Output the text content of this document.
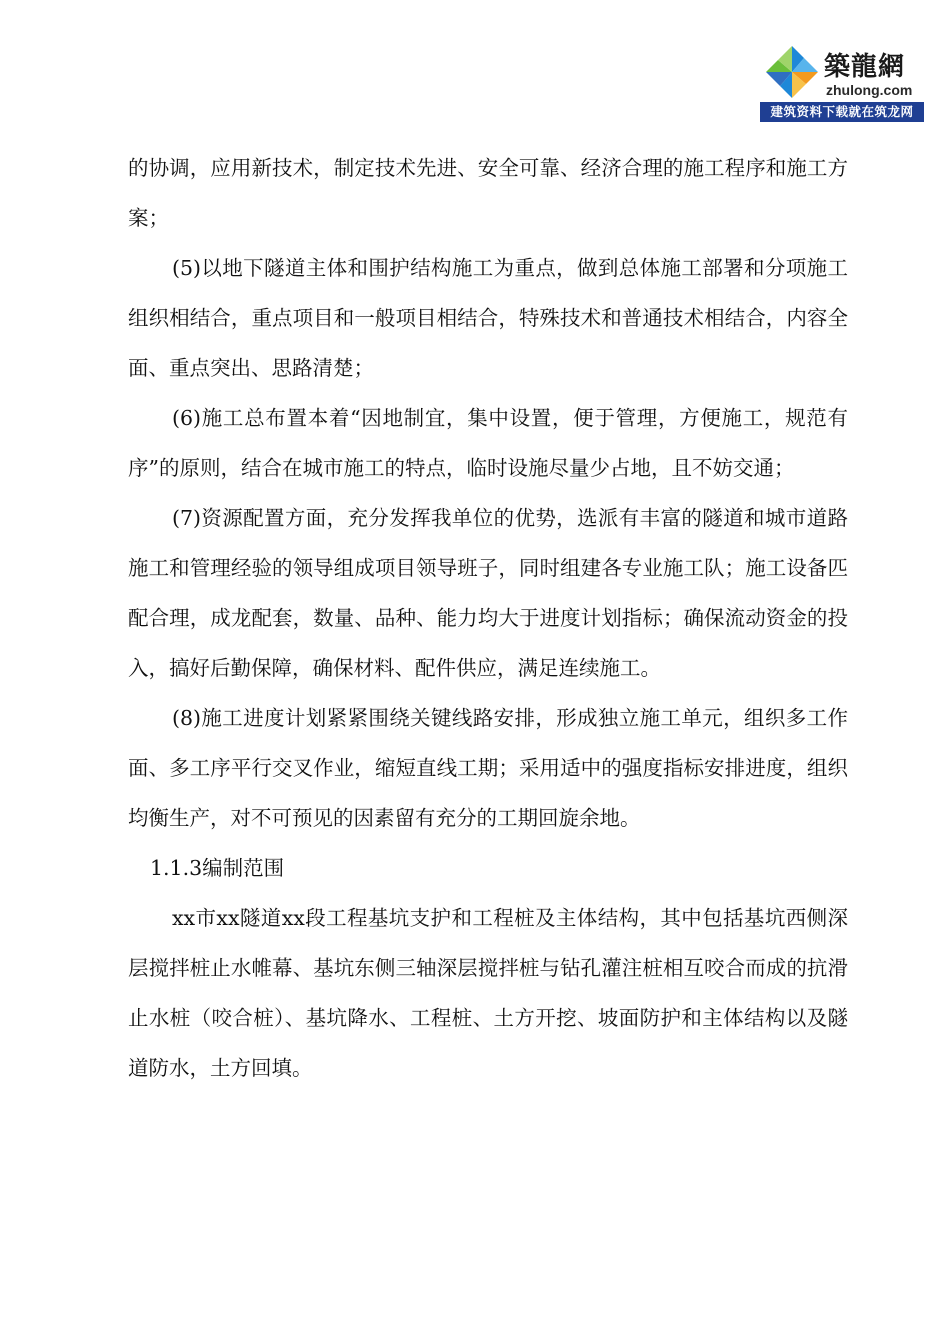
築龍網
zhulong.com
建筑资料下载就在筑龙网

的协调，应用新技术，制定技术先进、安全可靠、经济合理的施工程序和施工方案；

(5)以地下隧道主体和围护结构施工为重点，做到总体施工部署和分项施工组织相结合，重点项目和一般项目相结合，特殊技术和普通技术相结合，内容全面、重点突出、思路清楚；

(6)施工总布置本着“因地制宜，集中设置，便于管理，方便施工，规范有序”的原则，结合在城市施工的特点，临时设施尽量少占地，且不妨交通；

(7)资源配置方面，充分发挥我单位的优势，选派有丰富的隧道和城市道路施工和管理经验的领导组成项目领导班子，同时组建各专业施工队；施工设备匹配合理，成龙配套，数量、品种、能力均大于进度计划指标；确保流动资金的投入，搞好后勤保障，确保材料、配件供应，满足连续施工。

(8)施工进度计划紧紧围绕关键线路安排，形成独立施工单元，组织多工作面、多工序平行交叉作业，缩短直线工期；采用适中的强度指标安排进度，组织均衡生产，对不可预见的因素留有充分的工期回旋余地。

1.1.3编制范围

xx市xx隧道xx段工程基坑支护和工程桩及主体结构，其中包括基坑西侧深层搅拌桩止水帷幕、基坑东侧三轴深层搅拌桩与钻孔灌注桩相互咬合而成的抗滑止水桩（咬合桩）、基坑降水、工程桩、土方开挖、坡面防护和主体结构以及隧道防水，土方回填。
